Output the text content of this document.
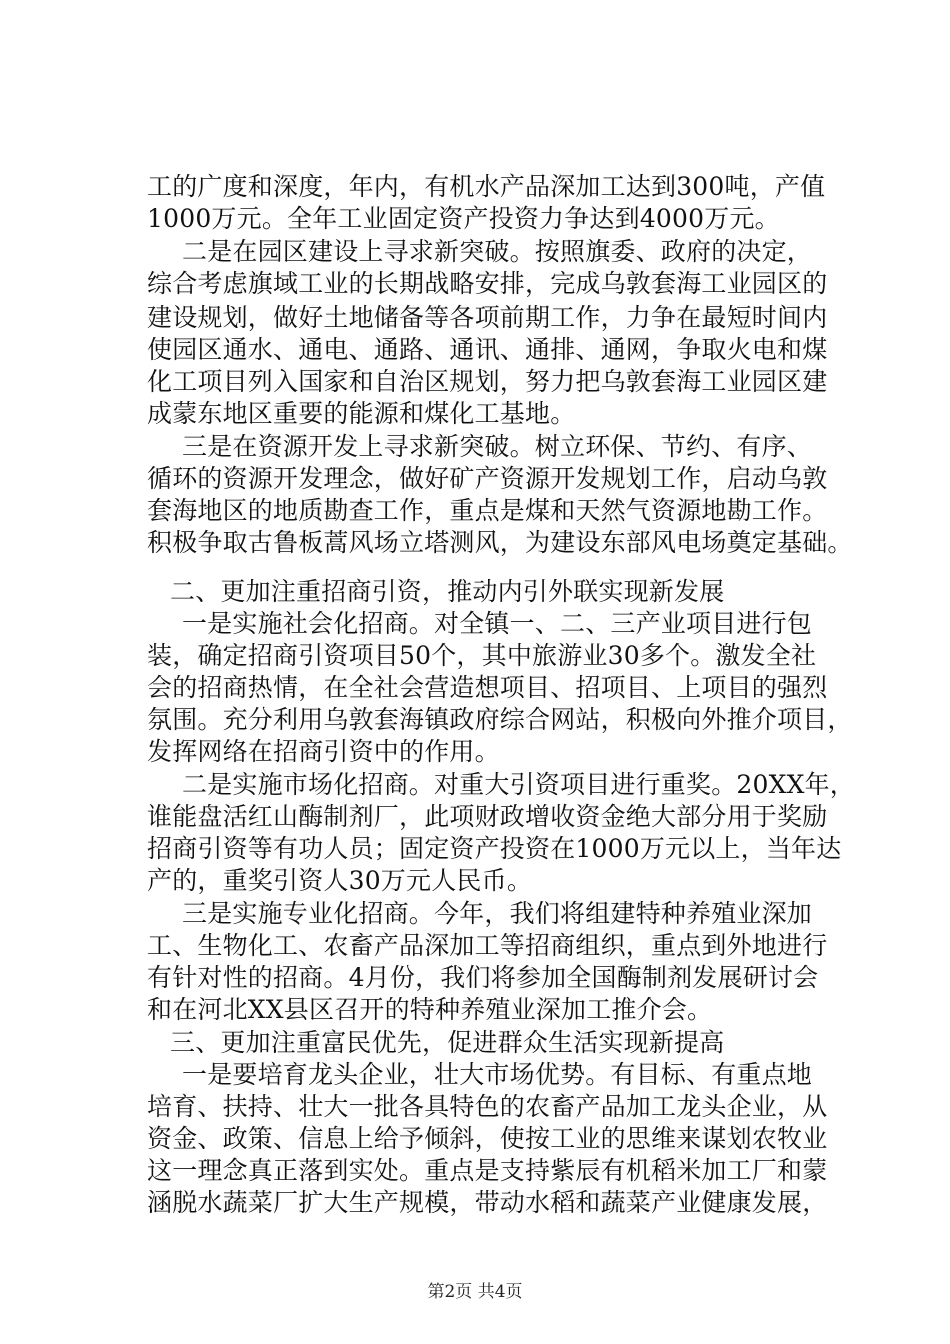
工的广度和深度，年内，有机水产品深加工达到300吨，产值
1000万元。全年工业固定资产投资力争达到4000万元。
二是在园区建设上寻求新突破。按照旗委、政府的决定，
综合考虑旗域工业的长期战略安排，完成乌敦套海工业园区的
建设规划，做好土地储备等各项前期工作，力争在最短时间内
使园区通水、通电、通路、通讯、通排、通网，争取火电和煤
化工项目列入国家和自治区规划，努力把乌敦套海工业园区建
成蒙东地区重要的能源和煤化工基地。
三是在资源开发上寻求新突破。树立环保、节约、有序、
循环的资源开发理念，做好矿产资源开发规划工作，启动乌敦
套海地区的地质勘查工作，重点是煤和天然气资源地勘工作。
积极争取古鲁板蒿风场立塔测风，为建设东部风电场奠定基础。
二、更加注重招商引资，推动内引外联实现新发展
一是实施社会化招商。对全镇一、二、三产业项目进行包
装，确定招商引资项目50个，其中旅游业30多个。激发全社
会的招商热情，在全社会营造想项目、招项目、上项目的强烈
氛围。充分利用乌敦套海镇政府综合网站，积极向外推介项目，
发挥网络在招商引资中的作用。
二是实施市场化招商。对重大引资项目进行重奖。20XX年，
谁能盘活红山酶制剂厂，此项财政增收资金绝大部分用于奖励
招商引资等有功人员；固定资产投资在1000万元以上，当年达
产的，重奖引资人30万元人民币。
三是实施专业化招商。今年，我们将组建特种养殖业深加
工、生物化工、农畜产品深加工等招商组织，重点到外地进行
有针对性的招商。4月份，我们将参加全国酶制剂发展研讨会
和在河北XX县区召开的特种养殖业深加工推介会。
三、更加注重富民优先，促进群众生活实现新提高
一是要培育龙头企业，壮大市场优势。有目标、有重点地
培育、扶持、壮大一批各具特色的农畜产品加工龙头企业，从
资金、政策、信息上给予倾斜，使按工业的思维来谋划农牧业
这一理念真正落到实处。重点是支持紫辰有机稻米加工厂和蒙
涵脱水蔬菜厂扩大生产规模，带动水稻和蔬菜产业健康发展，
第2页 共4页
